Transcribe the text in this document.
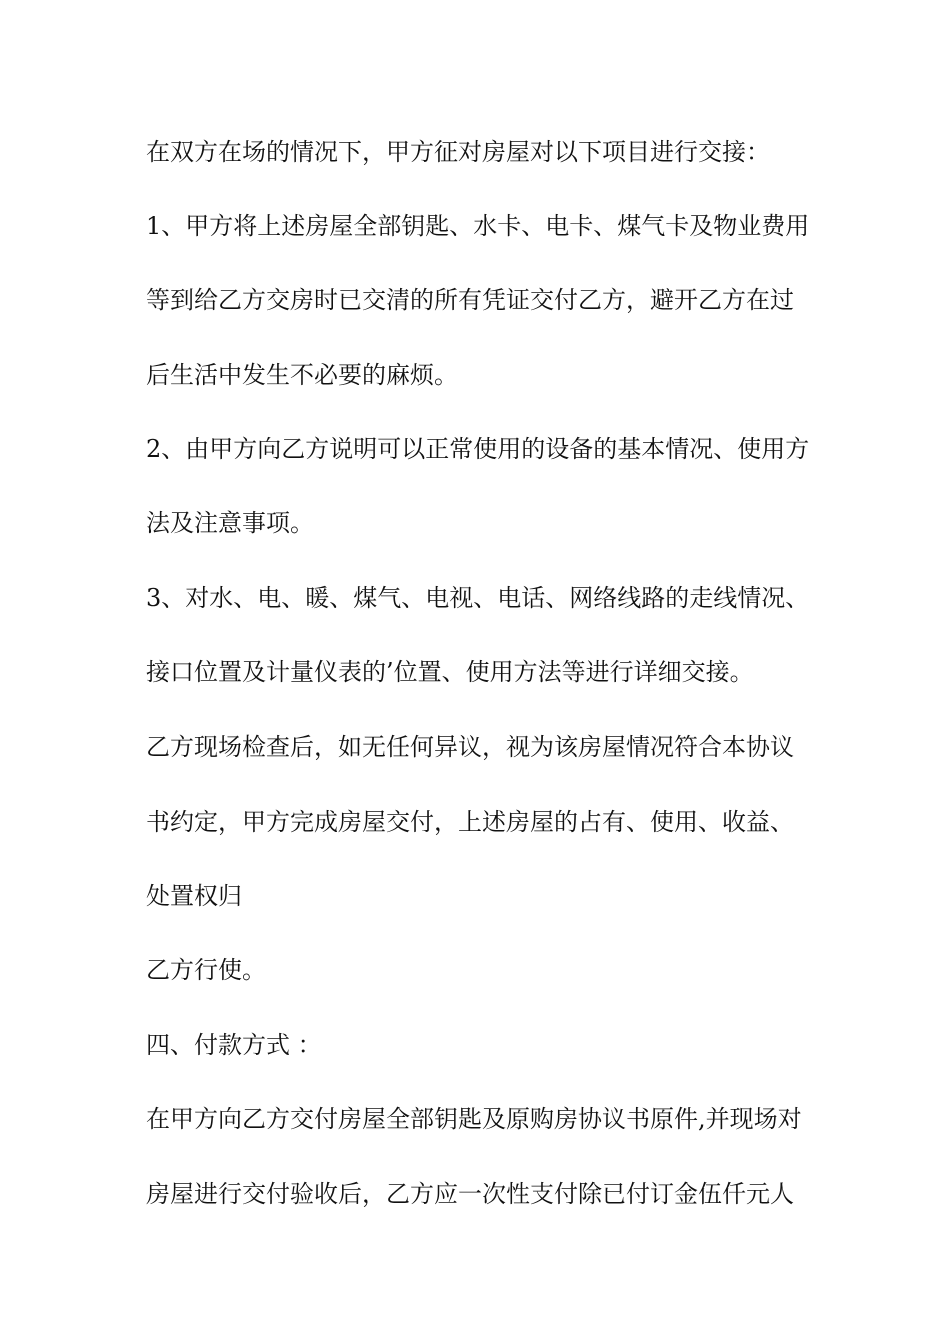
在双方在场的情况下，甲方征对房屋对以下项目进行交接：
1、甲方将上述房屋全部钥匙、水卡、电卡、煤气卡及物业费用
等到给乙方交房时已交清的所有凭证交付乙方，避开乙方在过
后生活中发生不必要的麻烦。
2、由甲方向乙方说明可以正常使用的设备的基本情况、使用方
法及注意事项。
3、对水、电、暖、煤气、电视、电话、网络线路的走线情况、
接口位置及计量仪表的’位置、使用方法等进行详细交接。
乙方现场检查后，如无任何异议，视为该房屋情况符合本协议
书约定，甲方完成房屋交付，上述房屋的占有、使用、收益、
处置权归
乙方行使。
四、付款方式 ：
在甲方向乙方交付房屋全部钥匙及原购房协议书原件,并现场对
房屋进行交付验收后，乙方应一次性支付除已付订金伍仟元人
